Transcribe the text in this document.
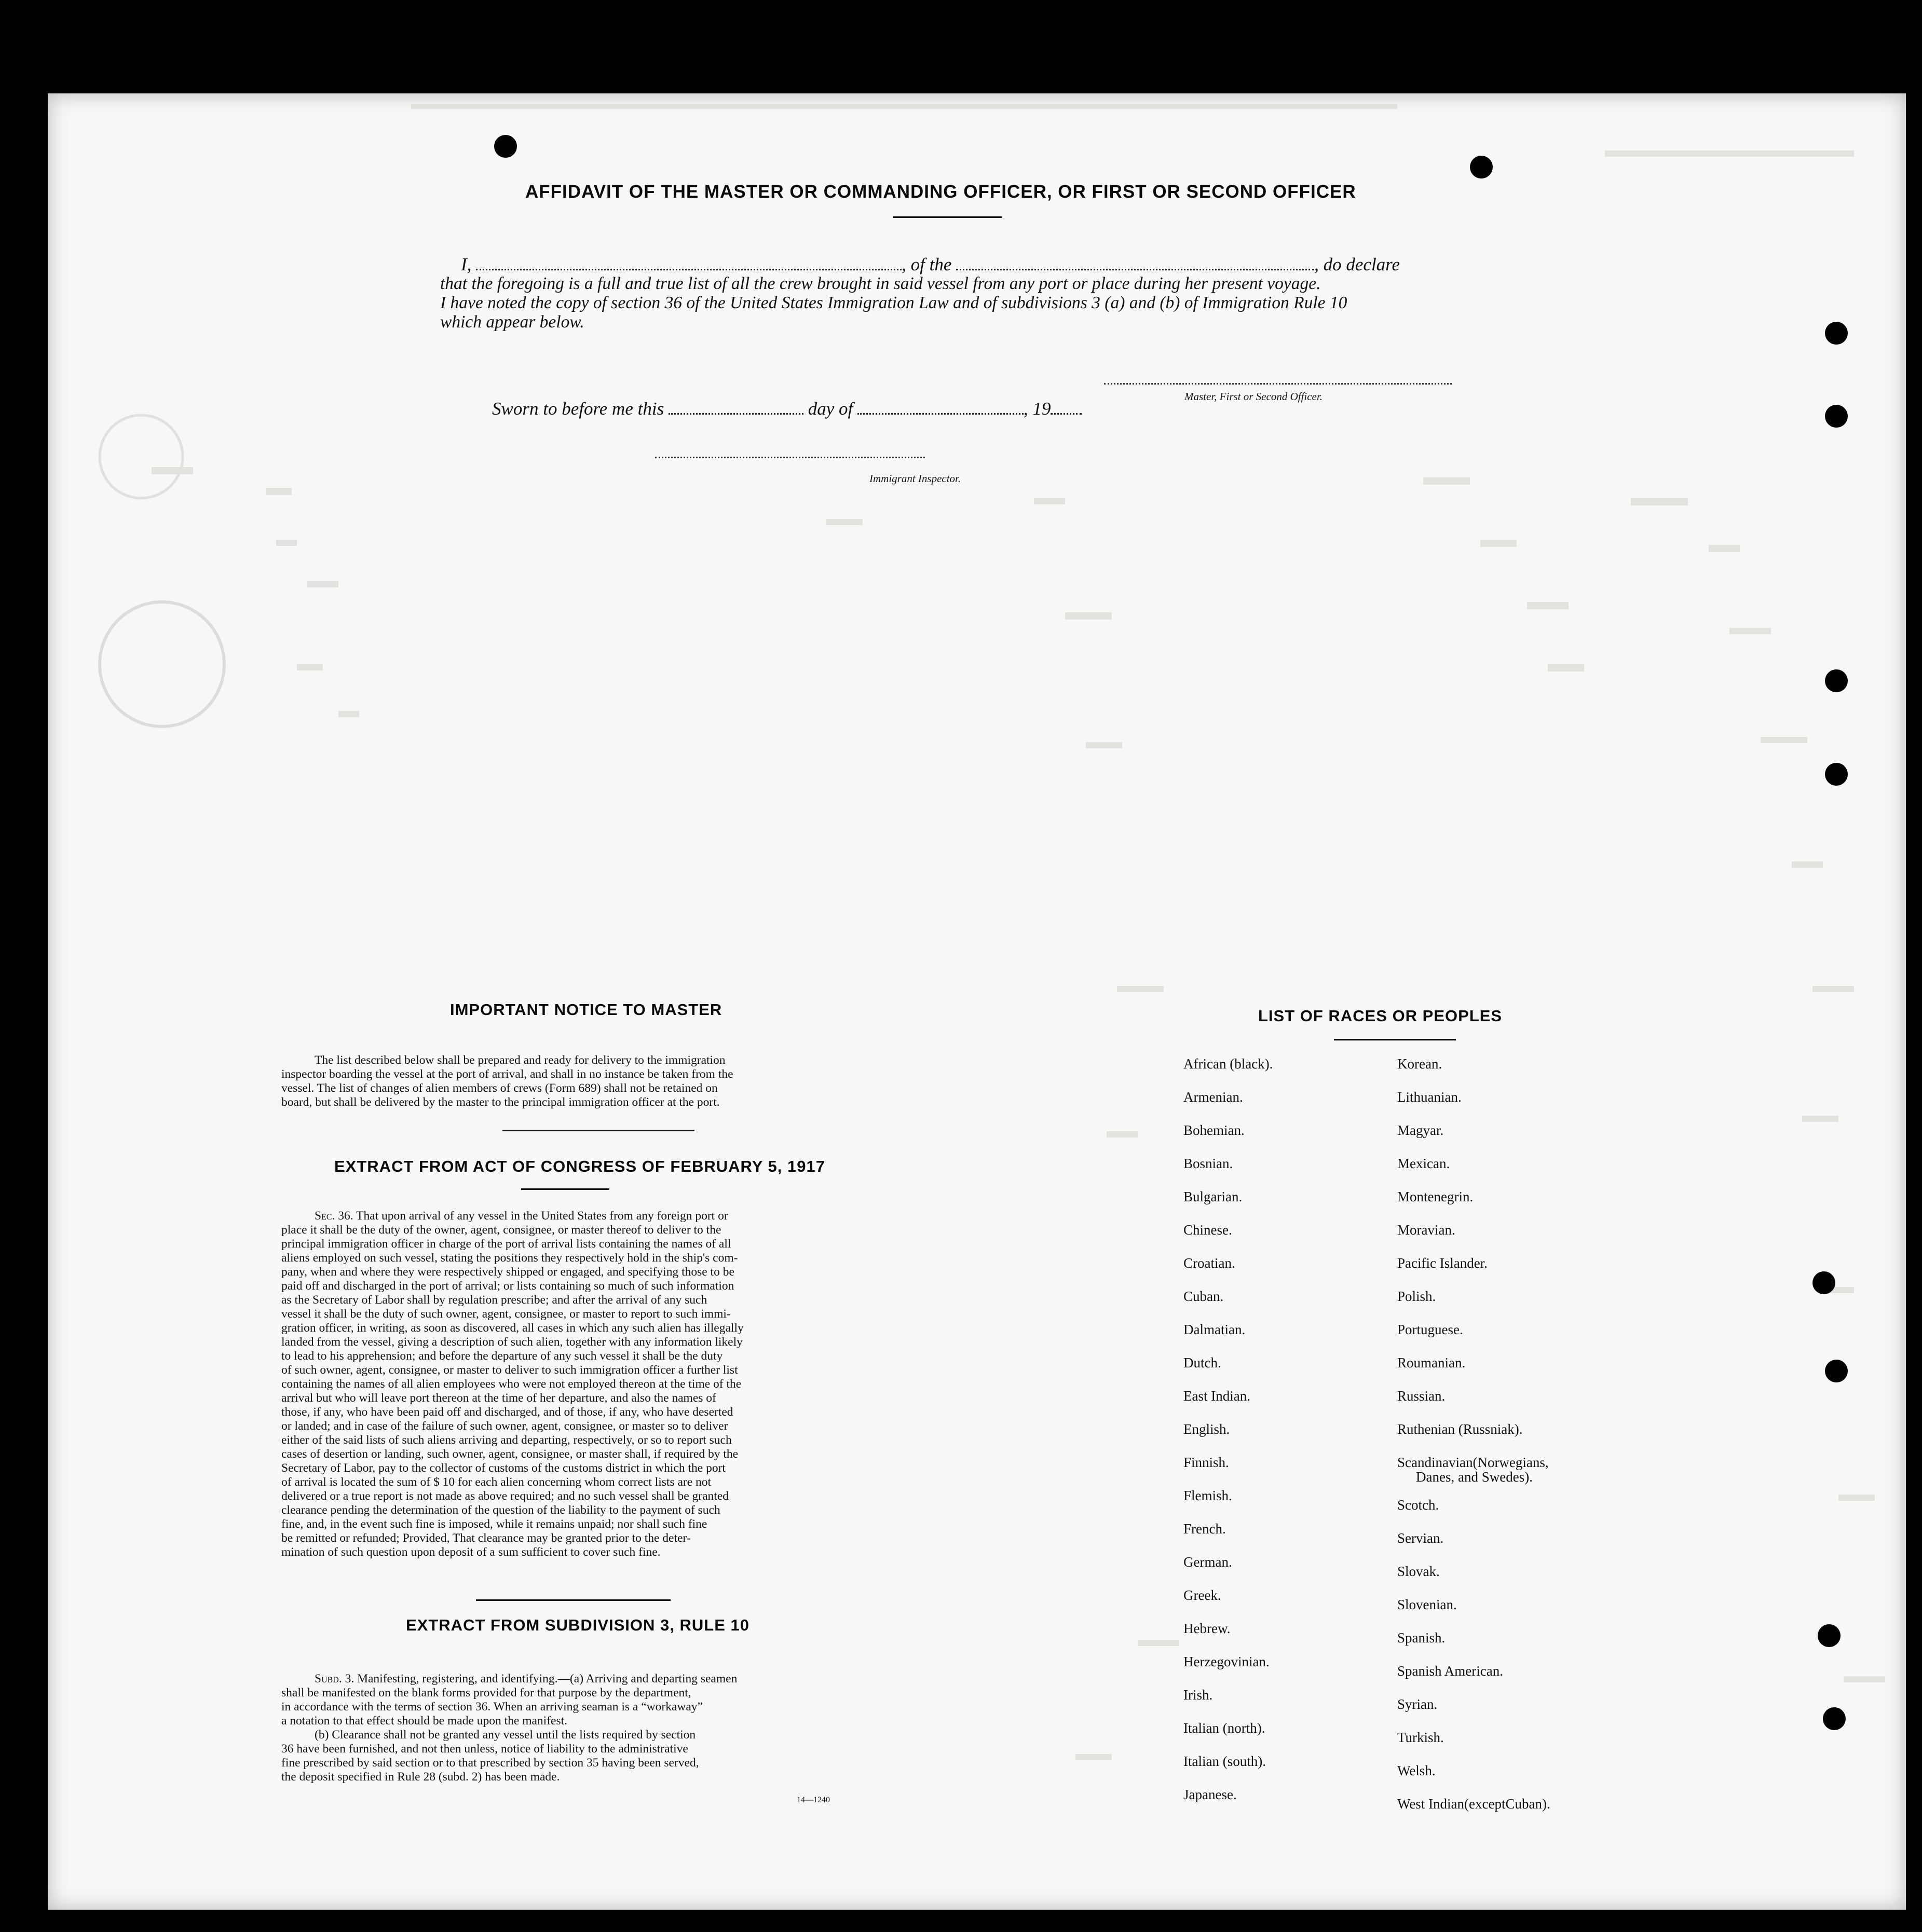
AFFIDAVIT OF THE MASTER OR COMMANDING OFFICER, OR FIRST OR SECOND OFFICER
I,	, of the	, do declare
that the foregoing is a full and true list of all the crew brought in said vessel from any port or place during her present voyage.
I have noted the copy of section 36 of the United States Immigration Law and of subdivisions 3 (a) and (b) of Immigration Rule 10
which appear below.
Master, First or Second Officer.
Sworn to before me this	day of	, 19
Immigrant Inspector.
IMPORTANT NOTICE TO MASTER

The list described below shall be prepared and ready for delivery to the immigration

inspector boarding the vessel at the port of arrival, and shall in no instance be taken from the

vessel. The list of changes of alien members of crews (Form 689) shall not be retained on

board, but shall be delivered by the master to the principal immigration officer at the port.

EXTRACT FROM ACT OF CONGRESS OF FEBRUARY 5, 1917

Sec. 36. That upon arrival of any vessel in the United States from any foreign port or

place it shall be the duty of the owner, agent, consignee, or master thereof to deliver to the

principal immigration officer in charge of the port of arrival lists containing the names of all

aliens employed on such vessel, stating the positions they respectively hold in the ship's com-

pany, when and where they were respectively shipped or engaged, and specifying those to be

paid off and discharged in the port of arrival; or lists containing so much of such information

as the Secretary of Labor shall by regulation prescribe; and after the arrival of any such

vessel it shall be the duty of such owner, agent, consignee, or master to report to such immi-

gration officer, in writing, as soon as discovered, all cases in which any such alien has illegally

landed from the vessel, giving a description of such alien, together with any information likely

to lead to his apprehension; and before the departure of any such vessel it shall be the duty

of such owner, agent, consignee, or master to deliver to such immigration officer a further list

containing the names of all alien employees who were not employed thereon at the time of the

arrival but who will leave port thereon at the time of her departure, and also the names of

those, if any, who have been paid off and discharged, and of those, if any, who have deserted

or landed; and in case of the failure of such owner, agent, consignee, or master so to deliver

either of the said lists of such aliens arriving and departing, respectively, or so to report such

cases of desertion or landing, such owner, agent, consignee, or master shall, if required by the

Secretary of Labor, pay to the collector of customs of the customs district in which the port

of arrival is located the sum of $ 10 for each alien concerning whom correct lists are not

delivered or a true report is not made as above required; and no such vessel shall be granted

clearance pending the determination of the question of the liability to the payment of such

fine, and, in the event such fine is imposed, while it remains unpaid; nor shall such fine

be remitted or refunded; Provided, That clearance may be granted prior to the deter-

mination of such question upon deposit of a sum sufficient to cover such fine.

EXTRACT FROM SUBDIVISION 3, RULE 10

Subd. 3. Manifesting, registering, and identifying.—(a) Arriving and departing seamen

shall be manifested on the blank forms provided for that purpose by the department,

in accordance with the terms of section 36. When an arriving seaman is a “workaway”

a notation to that effect should be made upon the manifest.

(b) Clearance shall not be granted any vessel until the lists required by section

36 have been furnished, and not then unless, notice of liability to the administrative

fine prescribed by said section or to that prescribed by section 35 having been served,

the deposit specified in Rule 28 (subd. 2) has been made.

14—1240
LIST OF RACES OR PEOPLES
African (black).
Armenian.
Bohemian.
Bosnian.
Bulgarian.
Chinese.
Croatian.
Cuban.
Dalmatian.
Dutch.
East Indian.
English.
Finnish.
Flemish.
French.
German.
Greek.
Hebrew.
Herzegovinian.
Irish.
Italian (north).
Italian (south).
Japanese.
Korean.
Lithuanian.
Magyar.
Mexican.
Montenegrin.
Moravian.
Pacific Islander.
Polish.
Portuguese.
Roumanian.
Russian.
Ruthenian (Russniak).
Scandinavian(Norwegians,
Danes, and Swedes).
Scotch.
Servian.
Slovak.
Slovenian.
Spanish.
Spanish American.
Syrian.
Turkish.
Welsh.
West Indian(exceptCuban).
